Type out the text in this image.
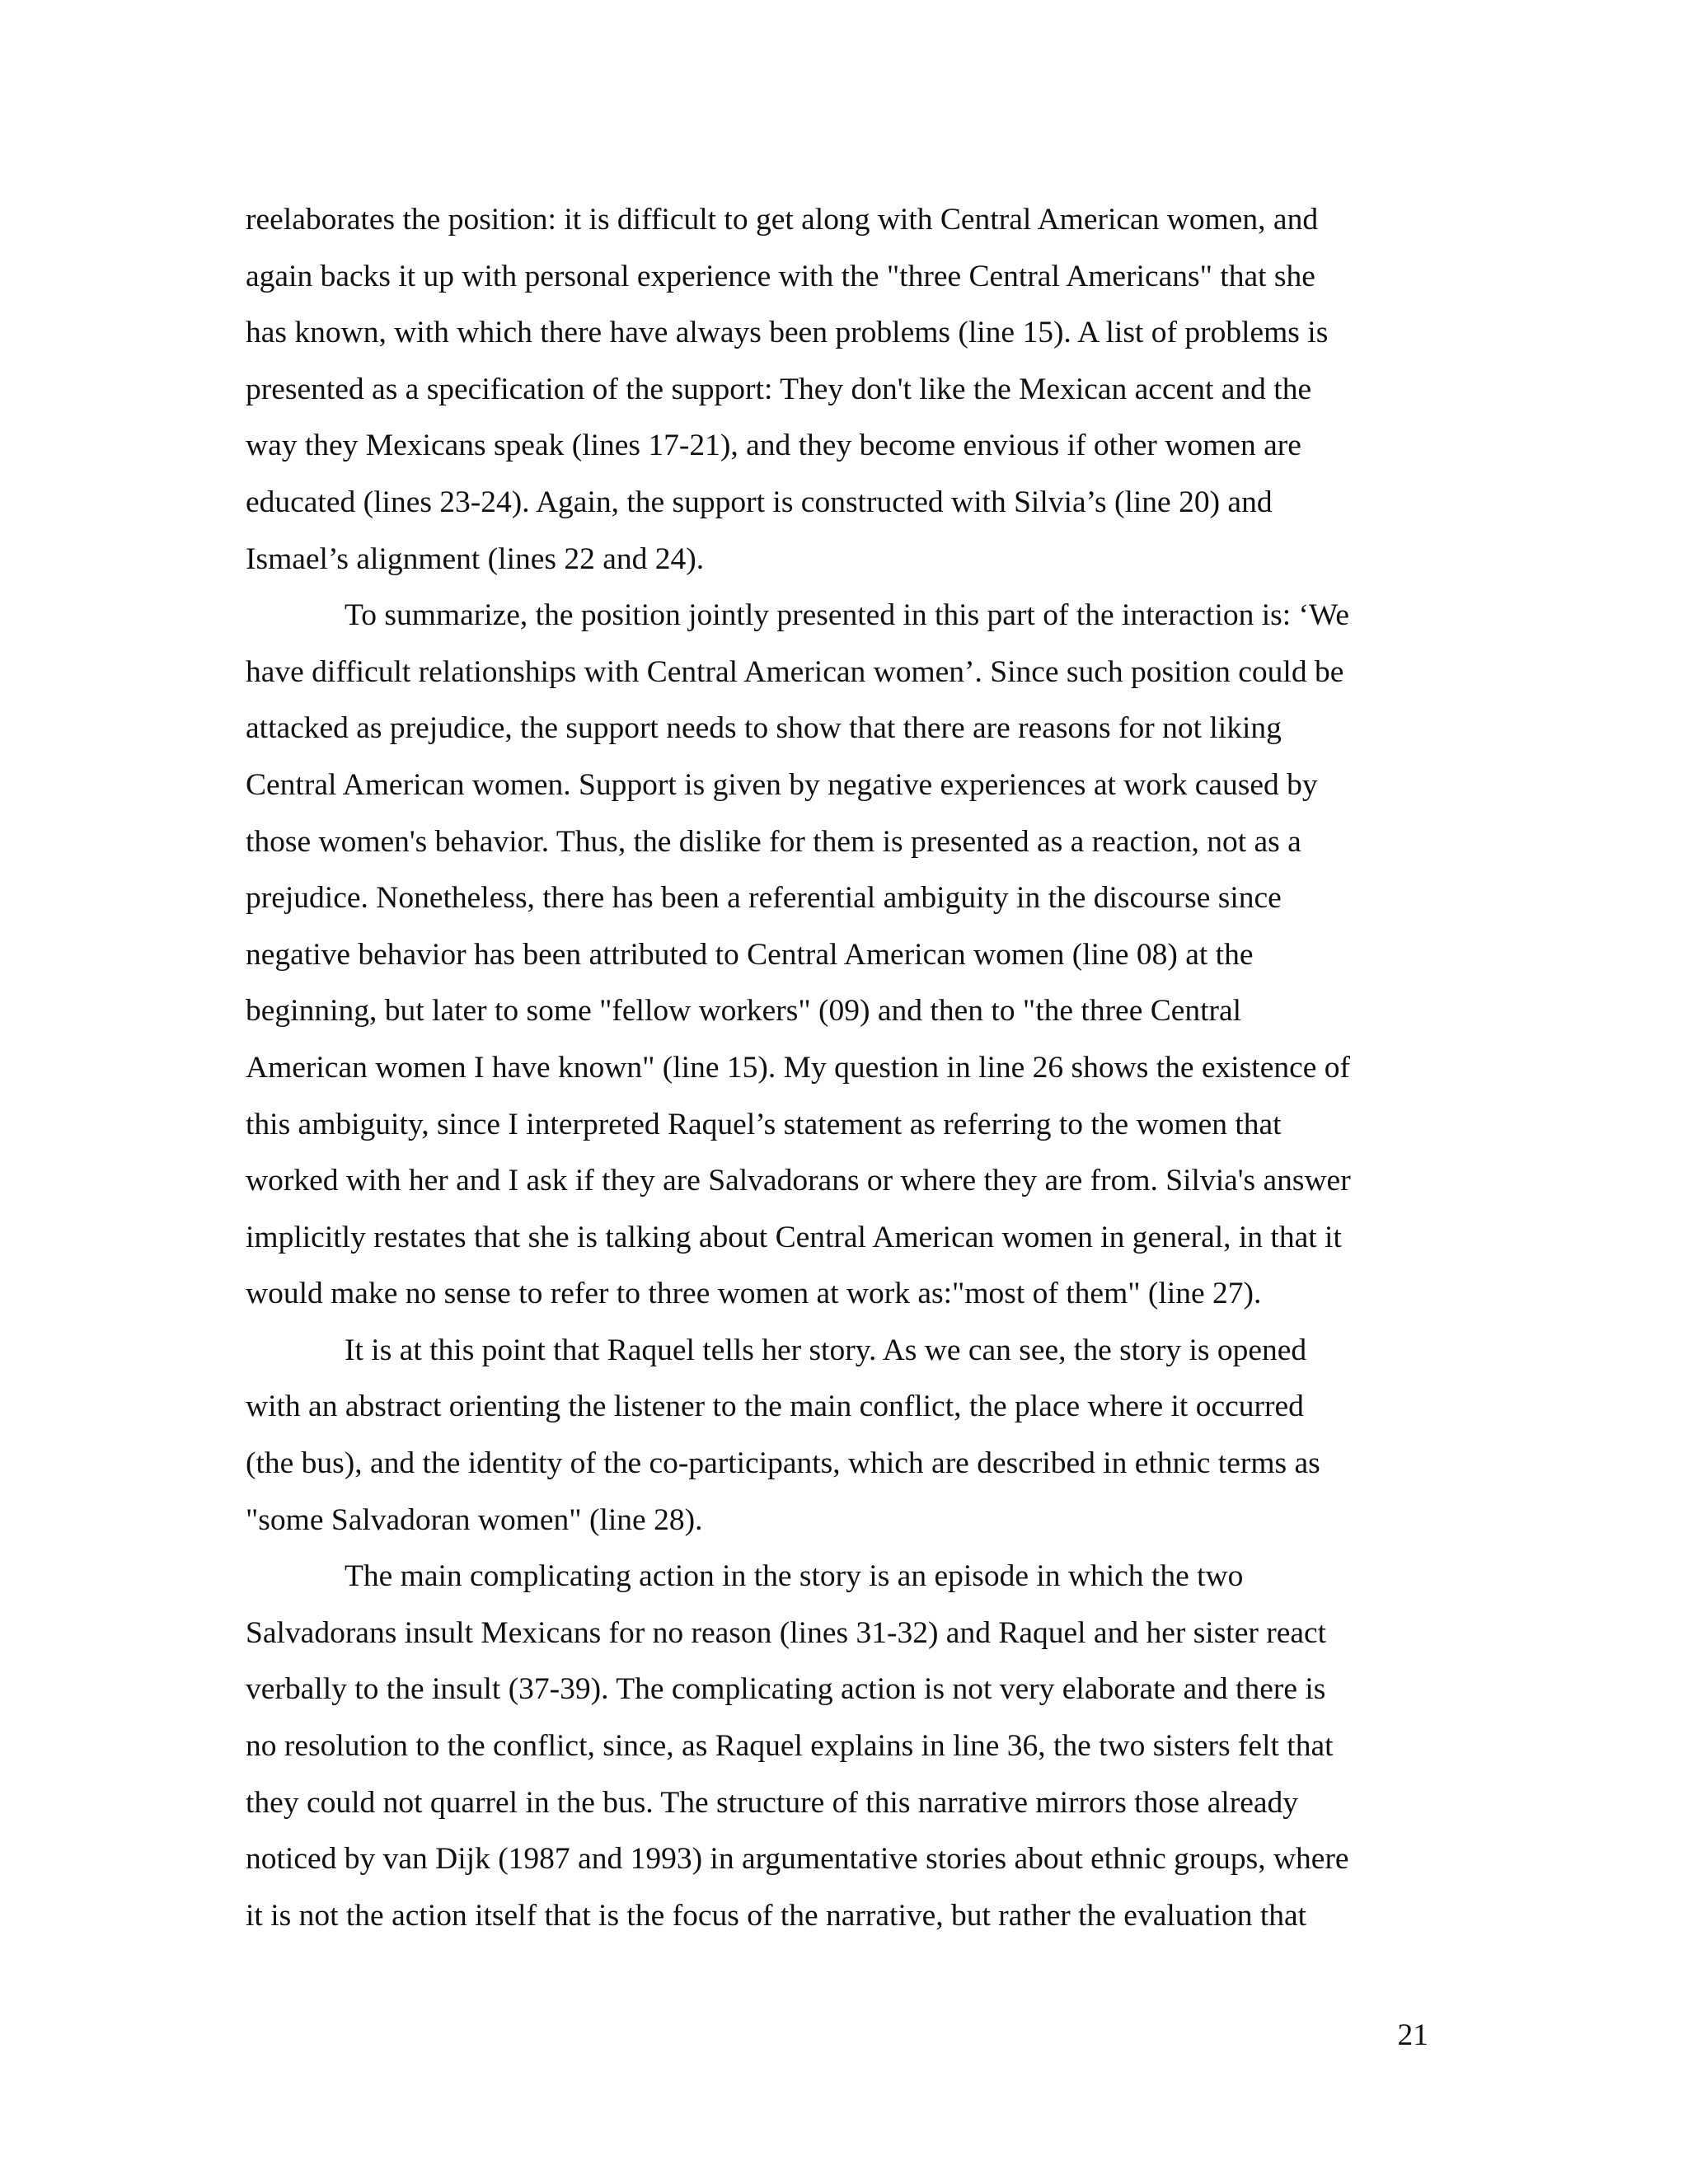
reelaborates the position: it is difficult to get along with Central American women, and
again backs it up with personal experience with the "three Central Americans" that she
has known, with which there have always been problems (line 15). A list of problems is
presented as a specification of the support: They don't like the Mexican accent and the
way they Mexicans speak (lines 17-21), and they become envious if other women are
educated (lines 23-24). Again, the support is constructed with Silvia’s (line 20) and
Ismael’s alignment (lines 22 and 24).

To summarize, the position jointly presented in this part of the interaction is: ‘We
have difficult relationships with Central American women’. Since such position could be
attacked as prejudice, the support needs to show that there are reasons for not liking
Central American women. Support is given by negative experiences at work caused by
those women's behavior. Thus, the dislike for them is presented as a reaction, not as a
prejudice. Nonetheless, there has been a referential ambiguity in the discourse since
negative behavior has been attributed to Central American women (line 08) at the
beginning, but later to some "fellow workers" (09) and then to "the three Central
American women I have known" (line 15). My question in line 26 shows the existence of
this ambiguity, since I interpreted Raquel’s statement as referring to the women that
worked with her and I ask if they are Salvadorans or where they are from. Silvia's answer
implicitly restates that she is talking about Central American women in general, in that it
would make no sense to refer to three women at work as:"most of them" (line 27).

It is at this point that Raquel tells her story. As we can see, the story is opened
with an abstract orienting the listener to the main conflict, the place where it occurred
(the bus), and the identity of the co-participants, which are described in ethnic terms as
"some Salvadoran women" (line 28).

The main complicating action in the story is an episode in which the two
Salvadorans insult Mexicans for no reason (lines 31-32) and Raquel and her sister react
verbally to the insult (37-39). The complicating action is not very elaborate and there is
no resolution to the conflict, since, as Raquel explains in line 36, the two sisters felt that
they could not quarrel in the bus. The structure of this narrative mirrors those already
noticed by van Dijk (1987 and 1993) in argumentative stories about ethnic groups, where
it is not the action itself that is the focus of the narrative, but rather the evaluation that

21
